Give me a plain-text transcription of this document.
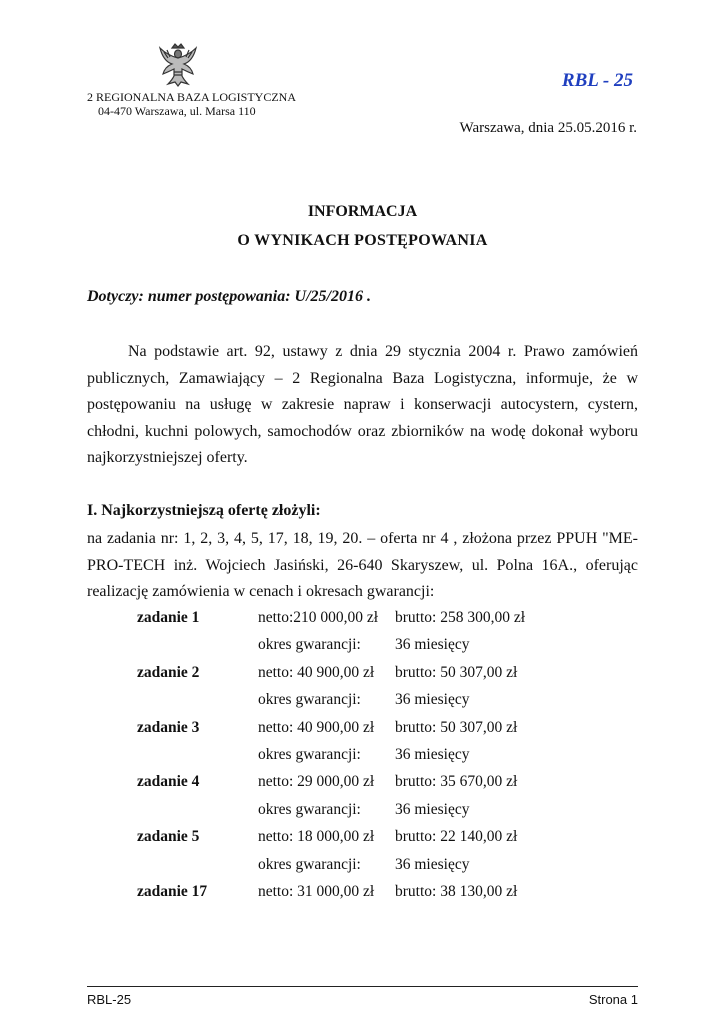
2 REGIONALNA BAZA LOGISTYCZNA
04-470 Warszawa, ul. Marsa 110
RBL - 25
Warszawa, dnia 25.05.2016 r.
INFORMACJA
O WYNIKACH POSTĘPOWANIA
Dotyczy: numer postępowania: U/25/2016 .
Na podstawie art. 92, ustawy z dnia 29 stycznia 2004 r. Prawo zamówień publicznych, Zamawiający – 2 Regionalna Baza Logistyczna, informuje, że w postępowaniu na usługę w zakresie napraw i konserwacji autocystern, cystern, chłodni, kuchni polowych, samochodów oraz zbiorników na wodę dokonał wyboru najkorzystniejszej oferty.
I. Najkorzystniejszą ofertę złożyli:
na zadania nr: 1, 2, 3, 4, 5, 17, 18, 19, 20. – oferta nr 4 , złożona przez PPUH "ME-PRO-TECH inż. Wojciech Jasiński, 26-640 Skaryszew, ul. Polna 16A., oferując realizację zamówienia w cenach i okresach gwarancji:
zadanie 1	netto:210 000,00 zł brutto: 258 300,00 zł
okres gwarancji: 36 miesięcy
zadanie 2	netto: 40 900,00 zł brutto: 50 307,00 zł
okres gwarancji: 36 miesięcy
zadanie 3	netto: 40 900,00 zł brutto: 50 307,00 zł
okres gwarancji: 36 miesięcy
zadanie 4	netto: 29 000,00 zł brutto: 35 670,00 zł
okres gwarancji: 36 miesięcy
zadanie 5	netto: 18 000,00 zł brutto: 22 140,00 zł
okres gwarancji: 36 miesięcy
zadanie 17	netto: 31 000,00 zł brutto: 38 130,00 zł
RBL-25	Strona 1
